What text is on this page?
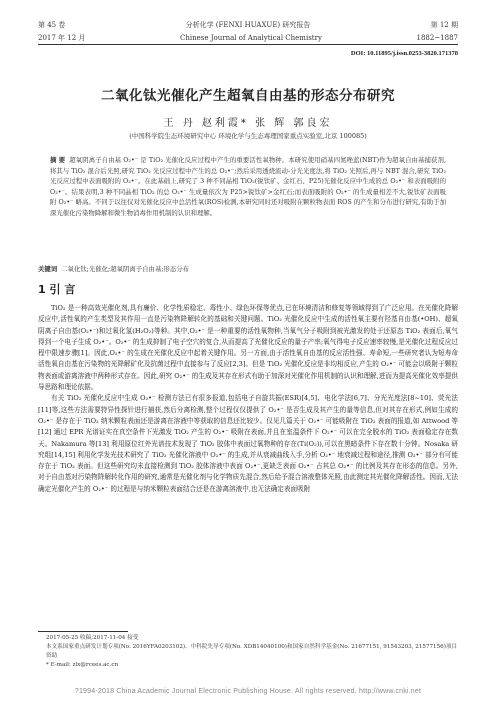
第 45 卷	分析化学 (FENXI HUAXUE) 研究报告	第 12 期
2017 年 12 月	Chinese Journal of Analytical Chemistry	1882~1887
DOI: 10.11895/j.issn.0253-3820.171378
二氧化钛光催化产生超氧自由基的形态分布研究
王 丹 赵利霞* 张 辉 郭良宏
(中国科学院生态环境研究中心 环境化学与生态毒理国家重点实验室,北京 100085)
摘 要 超氧阴离子自由基 O₂•⁻ 是 TiO₂ 光催化反应过程中产生的重要活性氧物种。本研究使用硝基四氮唑蓝(NBT)作为超氧自由基捕获剂,将其与 TiO₂ 混合后光照,研究 TiO₂ 光反应过程中产生的总 O₂•⁻;然后采用透烧流动-分光光度法,将 TiO₂ 光照后,再与 NBT 混合,研究 TiO₂ 光反应过程中表面吸附的 O₂•⁻。在此基础上,研究了 3 种不同晶相 TiO₂(锐钛矿、金红石、P25)光催化反应中生成的总 O₂•⁻ 和表面吸附的 O₂•⁻。结果表明,3 种不同晶相 TiO₂ 的总 O₂•⁻ 生成量依次为 P25>锐钛矿>金红石;而表面吸附的 O₂•⁻ 的生成量相差不大,锐钛矿表面吸附 O₂•⁻ 略高。不同于以往仅对光催化反应中总活性氧(ROS)检测,本研究同时还对吸附在颗粒物表面 ROS 的产生和分布进行研究,有助于加深光催化污染物降解和微生物消毒作用机制的认识和理解。
关键词 二氧化钛;光催化;超氧阴离子自由基;形态分布
1 引 言

TiO₂ 是一种高效光催化剂,具有廉价、化学性质稳定、毒性小、绿色环保等优点,已在环境清洁和修复等领域得到了广泛应用。在光催化降解反应中,活性氧的产生类型及其作用一直是污染物降解转化的基础和关键问题。TiO₂ 光催化反应中生成的活性氧主要有羟基自由基(•OH)、超氧阴离子自由基(O₂•⁻)和过氧化氢(H₂O₂)等种。其中,O₂•⁻ 是一种重要的活性氧物种,当氧气分子吸附到被光激发的处于还原态 TiO₂ 表面后,氧气得到一个电子生成 O₂•⁻。O₂•⁻ 的生成抑制了电子空穴的复合,从而提高了光催化反应的量子产率;氧气得电子反应速率较慢,是光催化过程反应过程中限速步骤[1]。因此,O₂•⁻ 的生成在光催化反应中起着关键作用。另一方面,由于活性氧自由基的反应活性强、寿命短,一些研究者认为短寿命活性氧自由基在污染物的光降解矿化及抗菌过程中直接参与了反应[2,3]。但是 TiO₂ 光催化反应是非均相反应,产生的 O₂•⁻ 可能会以吸附于颗粒物表面或游离溶液中两种形式存在。因此,研究 O₂•⁻ 的生成及其存在形式有助于加深对光催化作用机制的认识和理解,进而为提高光催化效率提供导思路和理论依据。

有关 TiO₂ 光催化反应中生成 O₂•⁻ 检测方法已有很多报道,包括电子自旋共振(ESR)[4,5]、电化学法[6,7]、分光光度法[8~10]、荧光法[11]等,这些方法需要特异性探针进行捕获,然后分离检测,整个过程仅仅提供了 O₂•⁻ 是否生成及其产生的量等信息,但对其存在形式,例如生成的 O₂•⁻ 是存在于 TiO₂ 纳米颗粒表面还是游离在溶液中等获取的信息还比较少。仅见几篇关于 O₂•⁻ 可能吸附在 TiO₂ 表面的报道,如 Attwood 等[12] 通过 EPR 光谱证实在真空条件下光激发 TiO₂ 产生的 O₂•⁻ 吸附在表面,并且在室温条件下 O₂•⁻ 可以在完全脱水的 TiO₂ 表面稳定存在数天。Nakamura 等[13] 利用原位红外光谱技术发现了 TiO₂ 胶体中表面过氧物种的存在(Ti(O₂)),可以在黑暗条件下存在数十分钟。Nosaka 研究组[14,15] 利用化学发光技术研究了 TiO₂ 光催化溶液中 O₂•⁻ 的生成,并从衰减曲线入手,分析 O₂•⁻ 地衰减过程和途径,推测 O₂•⁻ 部分有可能存在于 TiO₂ 表面。但这些研究均未直接检测到 TiO₂ 胶体溶液中表面 O₂•⁻,更缺乏表面 O₂•⁻ 占其总 O₂•⁻ 的比例及其存在形态的信息。另外,对于自由基对污染物降解转化作用的研究,通常是光催化剂与化学物质先混合,然后给予混合溶液整体光照,由此测定其光催化降解活性。因而,无法确定光催化产生的 O₂•⁻ 的过程是与纳米颗粒表面结合还是在游离溶液中,也无法确定表面吸附

2017-05-25 收稿;2017-11-04 接受
本文系国家重点研发计划专项(No. 2016YFA0203102)、中科院先导专项(No. XDB14040100)和国家自然科学基金(No. 21677151, 91543203, 21577156)项目资助
* E-mail: zlx@rcees.ac.cn
?1994-2018 China Academic Journal Electronic Publishing House. All rights reserved. http://www.cnki.net
